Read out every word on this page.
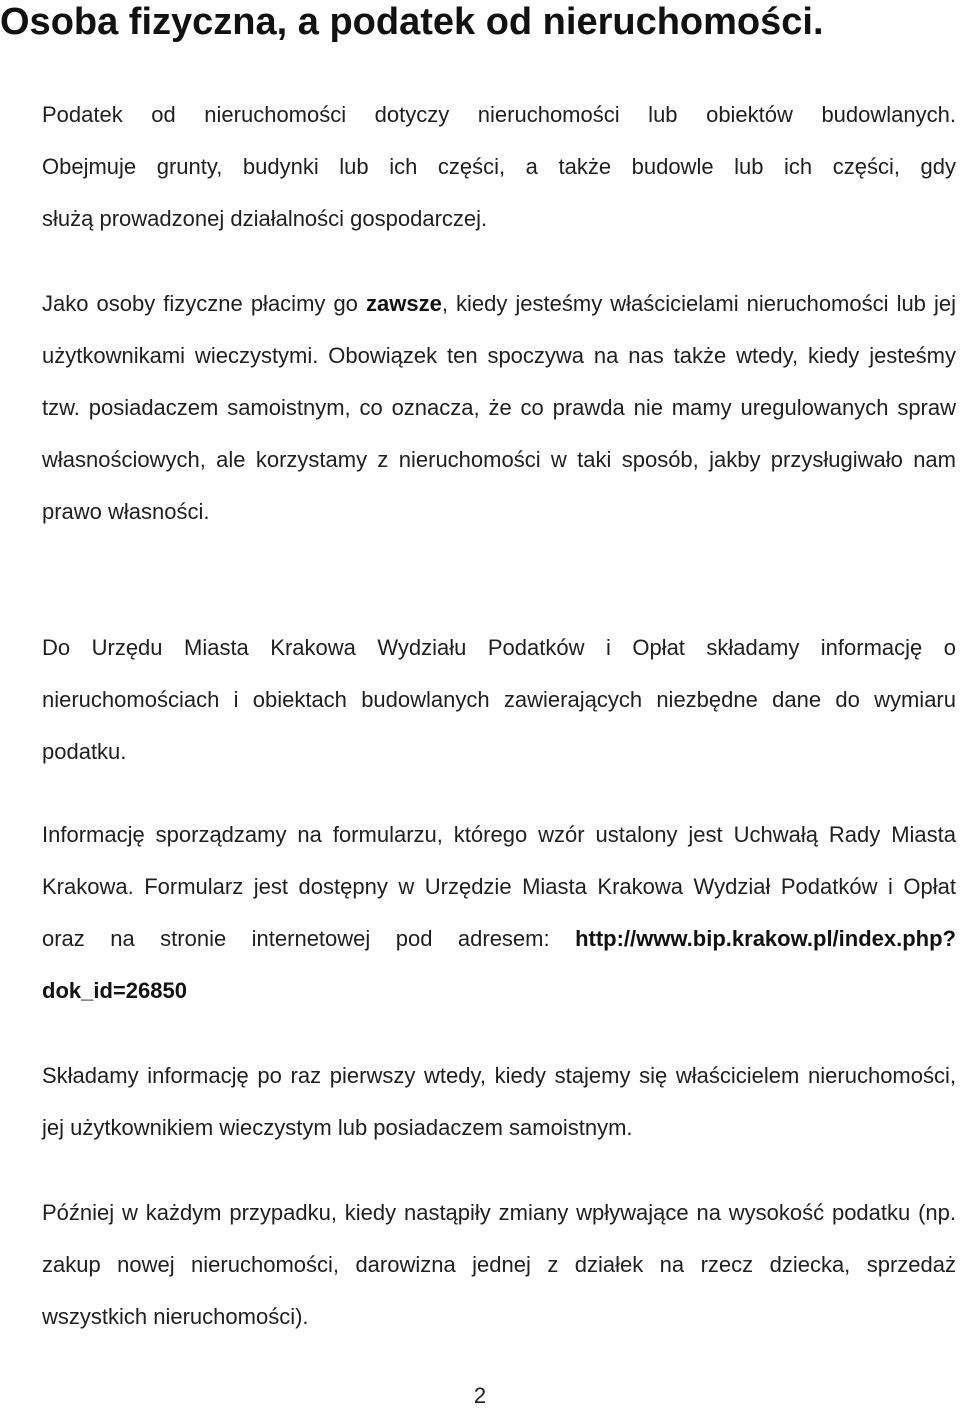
Osoba fizyczna, a podatek od nieruchomości.
Podatek od nieruchomości dotyczy nieruchomości lub obiektów budowlanych.
Obejmuje grunty, budynki lub ich części, a także budowle lub ich części, gdy
służą prowadzonej działalności gospodarczej.

Jako osoby fizyczne płacimy go zawsze, kiedy jesteśmy właścicielami nieruchomości lub jej użytkownikami wieczystymi. Obowiązek ten spoczywa na nas także wtedy, kiedy jesteśmy tzw. posiadaczem samoistnym, co oznacza, że co prawda nie mamy uregulowanych spraw własnościowych, ale korzystamy z nieruchomości w taki sposób, jakby przysługiwało nam prawo własności.

Do Urzędu Miasta Krakowa Wydziału Podatków i Opłat składamy informację o nieruchomościach i obiektach budowlanych zawierających niezbędne dane do wymiaru podatku.

Informację sporządzamy na formularzu, którego wzór ustalony jest Uchwałą Rady Miasta Krakowa. Formularz jest dostępny w Urzędzie Miasta Krakowa Wydział Podatków i Opłat oraz na stronie internetowej pod adresem: http://www.bip.krakow.pl/index.php?dok_id=26850

Składamy informację po raz pierwszy wtedy, kiedy stajemy się właścicielem nieruchomości, jej użytkownikiem wieczystym lub posiadaczem samoistnym.

Później w każdym przypadku, kiedy nastąpiły zmiany wpływające na wysokość podatku (np. zakup nowej nieruchomości, darowizna jednej z działek na rzecz dziecka, sprzedaż wszystkich nieruchomości).

2
